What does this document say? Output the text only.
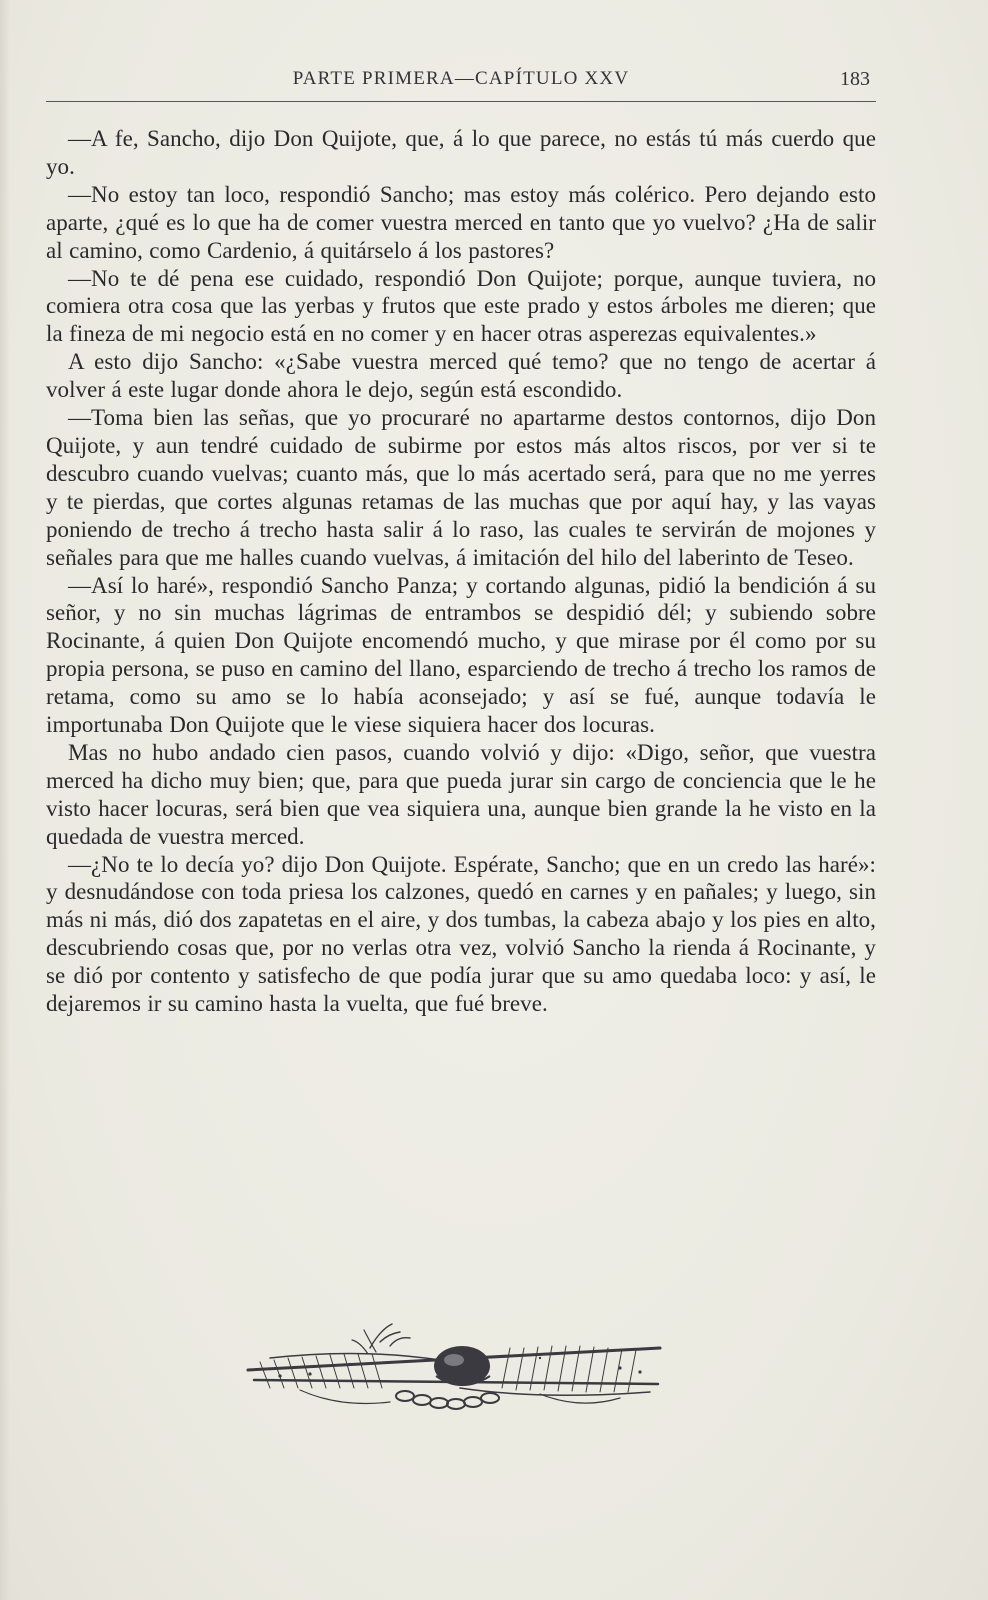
PARTE PRIMERA—CAPÍTULO XXV	183

—A fe, Sancho, dijo Don Quijote, que, á lo que parece, no estás tú más cuerdo que yo.

—No estoy tan loco, respondió Sancho; mas estoy más colérico. Pero dejando esto aparte, ¿qué es lo que ha de comer vuestra merced en tanto que yo vuelvo? ¿Ha de salir al camino, como Cardenio, á quitárselo á los pastores?

—No te dé pena ese cuidado, respondió Don Quijote; porque, aunque tuviera, no comiera otra cosa que las yerbas y frutos que este prado y estos árboles me dieren; que la fineza de mi negocio está en no comer y en hacer otras asperezas equivalentes.»

A esto dijo Sancho: «¿Sabe vuestra merced qué temo? que no tengo de acertar á volver á este lugar donde ahora le dejo, según está escondido.

—Toma bien las señas, que yo procuraré no apartarme destos contornos, dijo Don Quijote, y aun tendré cuidado de subirme por estos más altos riscos, por ver si te descubro cuando vuelvas; cuanto más, que lo más acertado será, para que no me yerres y te pierdas, que cortes algunas retamas de las muchas que por aquí hay, y las vayas poniendo de trecho á trecho hasta salir á lo raso, las cuales te servirán de mojones y señales para que me halles cuando vuelvas, á imitación del hilo del laberinto de Teseo.

—Así lo haré», respondió Sancho Panza; y cortando algunas, pidió la bendición á su señor, y no sin muchas lágrimas de entrambos se despidió dél; y subiendo sobre Rocinante, á quien Don Quijote encomendó mucho, y que mirase por él como por su propia persona, se puso en camino del llano, esparciendo de trecho á trecho los ramos de retama, como su amo se lo había aconsejado; y así se fué, aunque todavía le importunaba Don Quijote que le viese siquiera hacer dos locuras.

Mas no hubo andado cien pasos, cuando volvió y dijo: «Digo, señor, que vuestra merced ha dicho muy bien; que, para que pueda jurar sin cargo de conciencia que le he visto hacer locuras, será bien que vea siquiera una, aunque bien grande la he visto en la quedada de vuestra merced.

—¿No te lo decía yo? dijo Don Quijote. Espérate, Sancho; que en un credo las haré»: y desnudándose con toda priesa los calzones, quedó en carnes y en pañales; y luego, sin más ni más, dió dos zapatetas en el aire, y dos tumbas, la cabeza abajo y los pies en alto, descubriendo cosas que, por no verlas otra vez, volvió Sancho la rienda á Rocinante, y se dió por contento y satisfecho de que podía jurar que su amo quedaba loco: y así, le dejaremos ir su camino hasta la vuelta, que fué breve.
